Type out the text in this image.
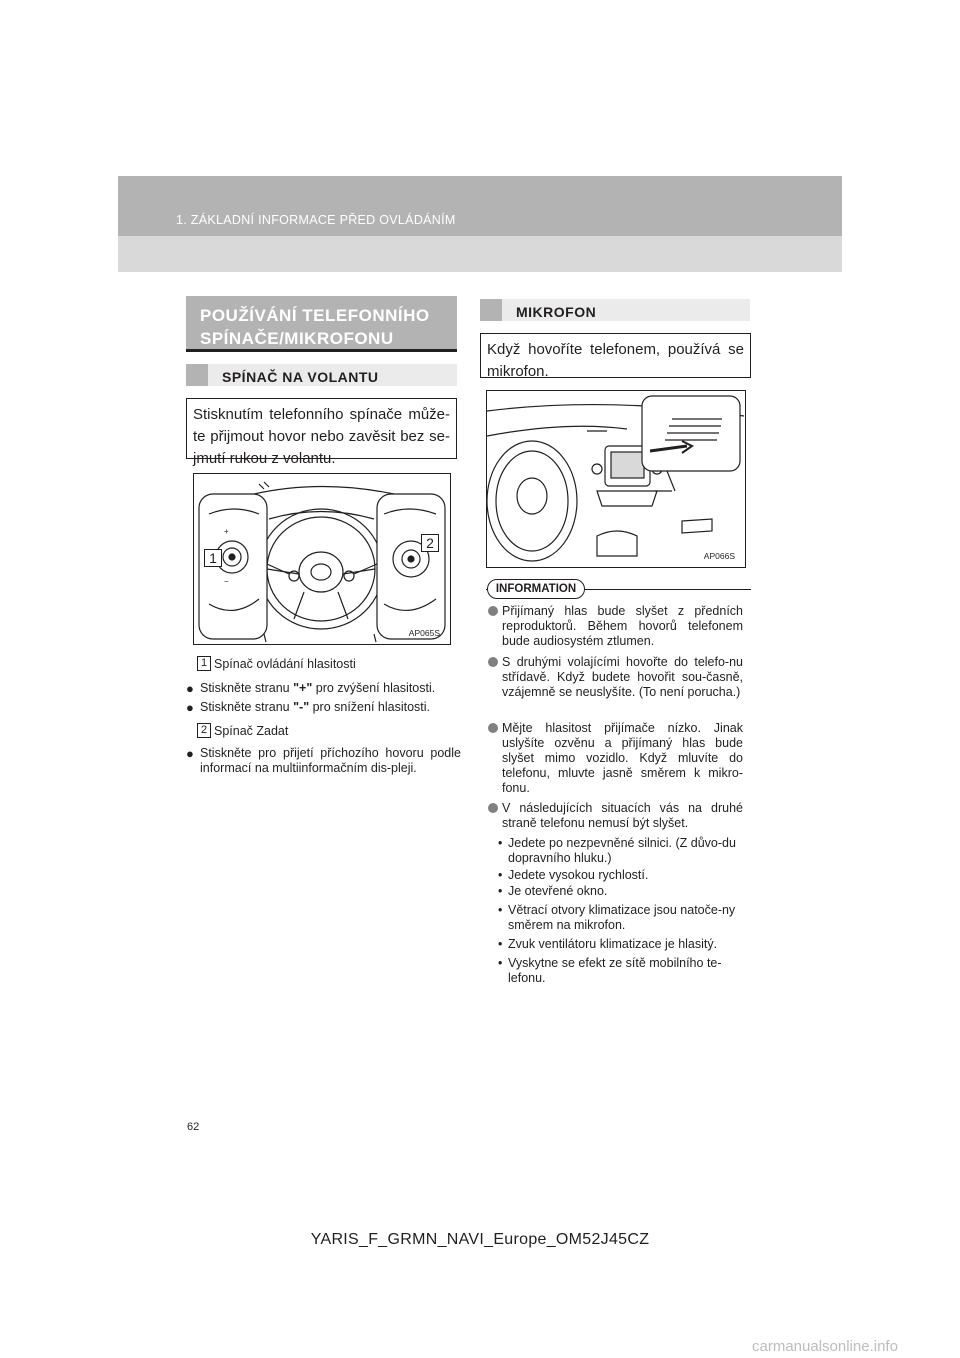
1. ZÁKLADNÍ INFORMACE PŘED OVLÁDÁNÍM
POUŽÍVÁNÍ TELEFONNÍHO SPÍNAČE/MIKROFONU
SPÍNAČ NA VOLANTU
Stisknutím telefonního spínače může-te přijmout hovor nebo zavěsit bez se-jmutí rukou z volantu.
+
−
1
2
AP065S
1 Spínač ovládání hlasitosti
● Stiskněte stranu "+" pro zvýšení hlasitosti.
● Stiskněte stranu "-" pro snížení hlasitosti.
2 Spínač Zadat
● Stiskněte pro přijetí příchozího hovoru podle informací na multiinformačním dis-pleji.
MIKROFON
Když hovoříte telefonem, používá se mikrofon.
AP066S
INFORMATION
Přijímaný hlas bude slyšet z předních reproduktorů. Během hovorů telefonem bude audiosystém ztlumen.
S druhými volajícími hovořte do telefo-nu střídavě. Když budete hovořit sou-časně, vzájemně se neuslyšíte. (To není porucha.)
Mějte hlasitost přijímače nízko. Jinak uslyšíte ozvěnu a přijímaný hlas bude slyšet mimo vozidlo. Když mluvíte do telefonu, mluvte jasně směrem k mikro-fonu.
V následujících situacích vás na druhé straně telefonu nemusí být slyšet.
• Jedete po nezpevněné silnici. (Z důvo-du dopravního hluku.)
• Jedete vysokou rychlostí.
• Je otevřené okno.
• Větrací otvory klimatizace jsou natoče-ny směrem na mikrofon.
• Zvuk ventilátoru klimatizace je hlasitý.
• Vyskytne se efekt ze sítě mobilního te-lefonu.
62
YARIS_F_GRMN_NAVI_Europe_OM52J45CZ
carmanualsonline.info
